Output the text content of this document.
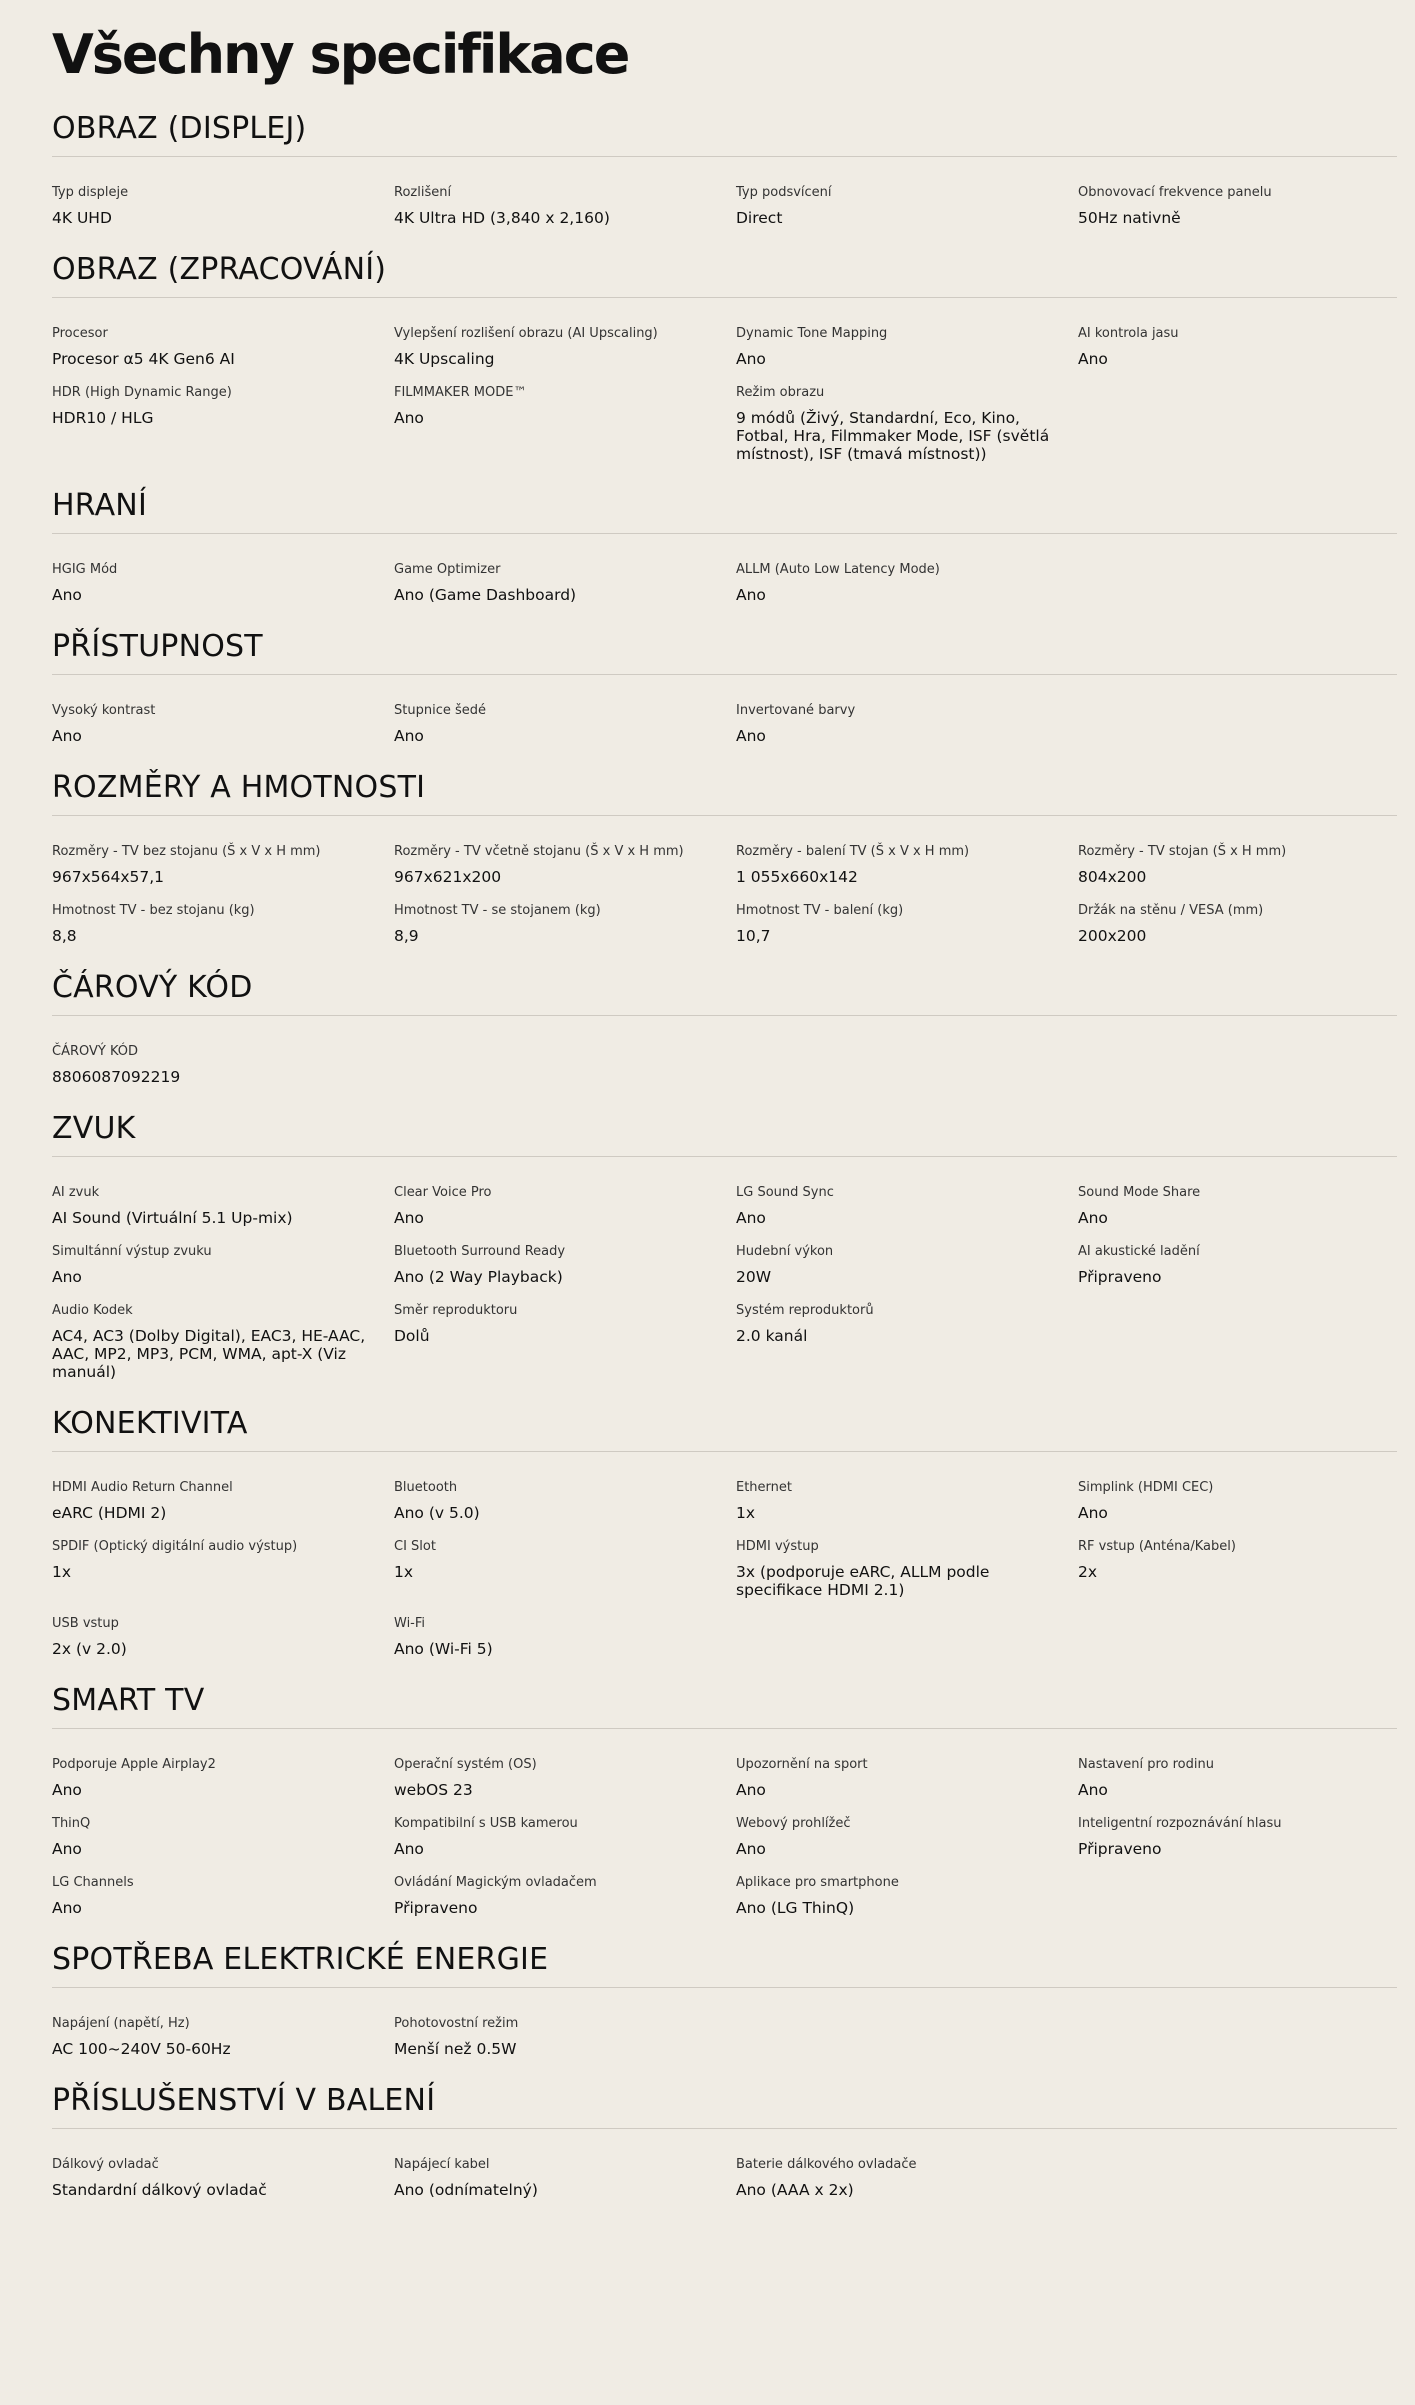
Všechny specifikace
OBRAZ (DISPLEJ)
Typ displeje
4K UHD
Rozlišení
4K Ultra HD (3,840 x 2,160)
Typ podsvícení
Direct
Obnovovací frekvence panelu
50Hz nativně
OBRAZ (ZPRACOVÁNÍ)
Procesor
Procesor α5 4K Gen6 AI
Vylepšení rozlišení obrazu (AI Upscaling)
4K Upscaling
Dynamic Tone Mapping
Ano
AI kontrola jasu
Ano
HDR (High Dynamic Range)
HDR10 / HLG
FILMMAKER MODE™
Ano
Režim obrazu
9 módů (Živý, Standardní, Eco, Kino, Fotbal, Hra, Filmmaker Mode, ISF (světlá místnost), ISF (tmavá místnost))
HRANÍ
HGIG Mód
Ano
Game Optimizer
Ano (Game Dashboard)
ALLM (Auto Low Latency Mode)
Ano
PŘÍSTUPNOST
Vysoký kontrast
Ano
Stupnice šedé
Ano
Invertované barvy
Ano
ROZMĚRY A HMOTNOSTI
Rozměry - TV bez stojanu (Š x V x H mm)
967x564x57,1
Rozměry - TV včetně stojanu (Š x V x H mm)
967x621x200
Rozměry - balení TV (Š x V x H mm)
1 055x660x142
Rozměry - TV stojan (Š x H mm)
804x200
Hmotnost TV - bez stojanu (kg)
8,8
Hmotnost TV - se stojanem (kg)
8,9
Hmotnost TV - balení (kg)
10,7
Držák na stěnu / VESA (mm)
200x200
ČÁROVÝ KÓD
ČÁROVÝ KÓD
8806087092219
ZVUK
AI zvuk
AI Sound (Virtuální 5.1 Up-mix)
Clear Voice Pro
Ano
LG Sound Sync
Ano
Sound Mode Share
Ano
Simultánní výstup zvuku
Ano
Bluetooth Surround Ready
Ano (2 Way Playback)
Hudební výkon
20W
AI akustické ladění
Připraveno
Audio Kodek
AC4, AC3 (Dolby Digital), EAC3, HE-AAC, AAC, MP2, MP3, PCM, WMA, apt-X (Viz manuál)
Směr reproduktoru
Dolů
Systém reproduktorů
2.0 kanál
KONEKTIVITA
HDMI Audio Return Channel
eARC (HDMI 2)
Bluetooth
Ano (v 5.0)
Ethernet
1x
Simplink (HDMI CEC)
Ano
SPDIF (Optický digitální audio výstup)
1x
CI Slot
1x
HDMI výstup
3x (podporuje eARC, ALLM podle specifikace HDMI 2.1)
RF vstup (Anténa/Kabel)
2x
USB vstup
2x (v 2.0)
Wi-Fi
Ano (Wi-Fi 5)
SMART TV
Podporuje Apple Airplay2
Ano
Operační systém (OS)
webOS 23
Upozornění na sport
Ano
Nastavení pro rodinu
Ano
ThinQ
Ano
Kompatibilní s USB kamerou
Ano
Webový prohlížeč
Ano
Inteligentní rozpoznávání hlasu
Připraveno
LG Channels
Ano
Ovládání Magickým ovladačem
Připraveno
Aplikace pro smartphone
Ano (LG ThinQ)
SPOTŘEBA ELEKTRICKÉ ENERGIE
Napájení (napětí, Hz)
AC 100~240V 50-60Hz
Pohotovostní režim
Menší než 0.5W
PŘÍSLUŠENSTVÍ V BALENÍ
Dálkový ovladač
Standardní dálkový ovladač
Napájecí kabel
Ano (odnímatelný)
Baterie dálkového ovladače
Ano (AAA x 2x)
